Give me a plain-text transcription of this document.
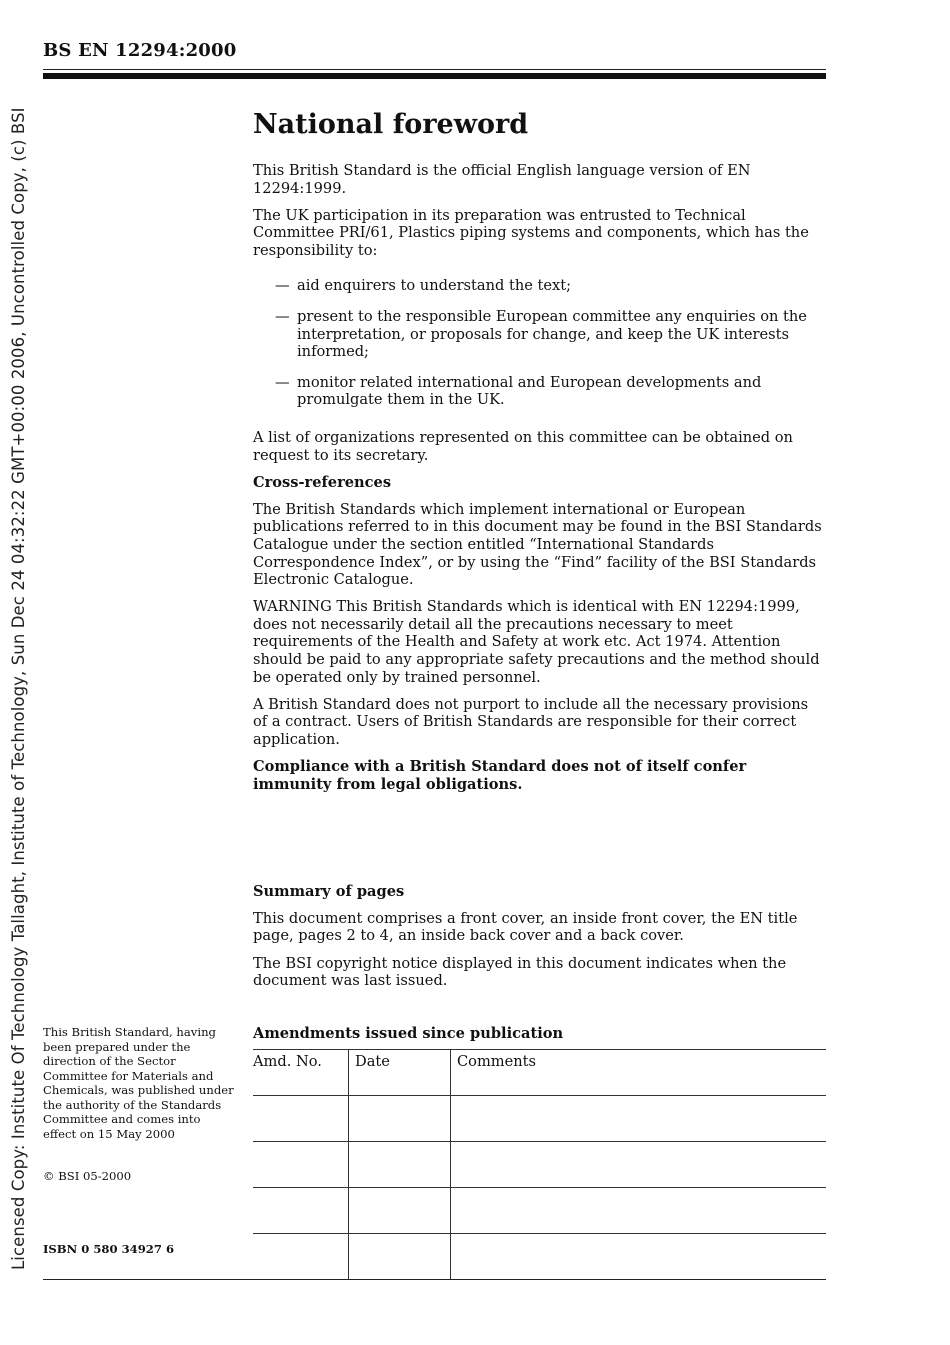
BS EN 12294:2000
Licensed Copy: Institute Of Technology Tallaght, Institute of Technology, Sun Dec 24 04:32:22 GMT+00:00 2006, Uncontrolled Copy, (c) BSI	National foreword

This British Standard is the official English language version of EN 12294:1999.

The UK participation in its preparation was entrusted to Technical Committee PRI/61, Plastics piping systems and components, which has the responsibility to:

— aid enquirers to understand the text;
— present to the responsible European committee any enquiries on the interpretation, or proposals for change, and keep the UK interests informed;
— monitor related international and European developments and promulgate them in the UK.

A list of organizations represented on this committee can be obtained on request to its secretary.

Cross-references

The British Standards which implement international or European publications referred to in this document may be found in the BSI Standards Catalogue under the section entitled “International Standards Correspondence Index”, or by using the “Find” facility of the BSI Standards Electronic Catalogue.

WARNING This British Standards which is identical with EN 12294:1999, does not necessarily detail all the precautions necessary to meet requirements of the Health and Safety at work etc. Act 1974. Attention should be paid to any appropriate safety precautions and the method should be operated only by trained personnel.

A British Standard does not purport to include all the necessary provisions of a contract. Users of British Standards are responsible for their correct application.

Compliance with a British Standard does not of itself confer immunity from legal obligations.

Summary of pages

This document comprises a front cover, an inside front cover, the EN title page, pages 2 to 4, an inside back cover and a back cover.

The BSI copyright notice displayed in this document indicates when the document was last issued.

This British Standard, having been prepared under the direction of the Sector Committee for Materials and Chemicals, was published under the authority of the Standards Committee and comes into effect on 15 May 2000
© BSI 05-2000
ISBN 0 580 34927 6
Amendments issued since publication
Amd. No.	Date	Comments
